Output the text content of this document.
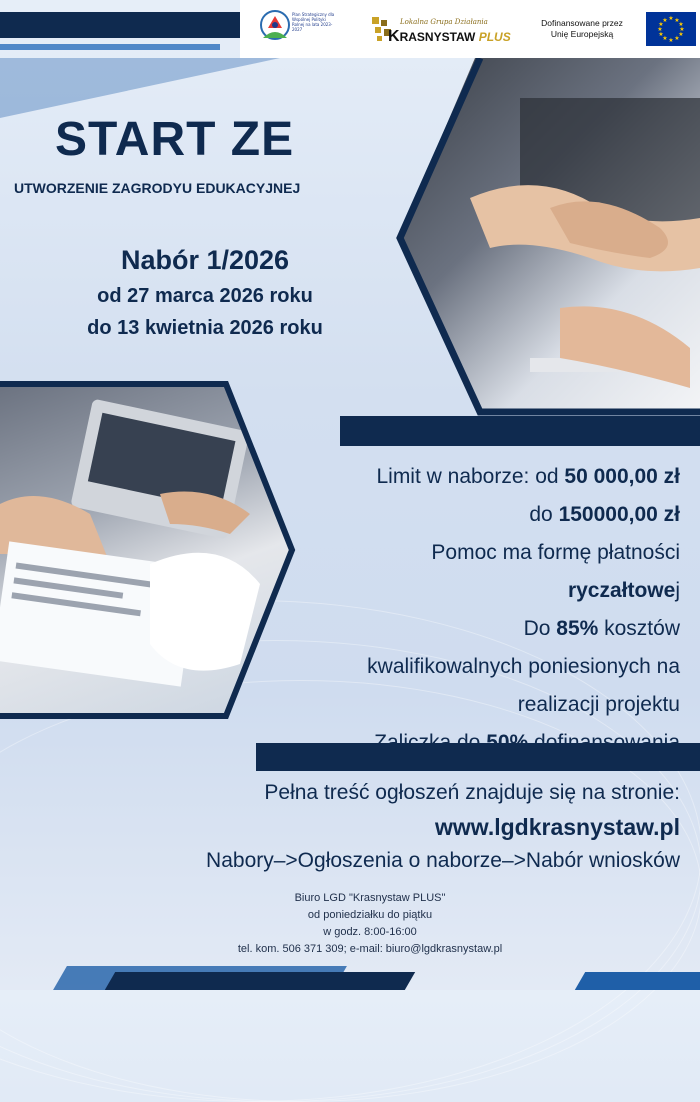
Plan Strategiczny dla Wspólnej Polityki Rolnej na lata 2023-2027
Lokalna Grupa Działania
KRASNYSTAW PLUS
Dofinansowane przez
Unię Europejską
★ ★
★
★
★
★
★
★
★
★
★
★
START ZE
UTWORZENIE ZAGRODYU EDUKACYJNEJ
Nabór 1/2026
od 27 marca 2026 roku
do 13 kwietnia 2026 roku
Limit w naborze: od 50 000,00 zł
do 150000,00 zł
Pomoc ma formę płatności
ryczałtowej
Do 85% kosztów
kwalifikowalnych poniesionych na
realizacji projektu
Pełna treść ogłoszeń znajduje się na stronie:
www.lgdkrasnystaw.pl
Nabory–>Ogłoszenia o naborze–>Nabór wniosków
Biuro LGD "Krasnystaw PLUS"
od poniedziałku do piątku
w godz. 8:00-16:00
tel. kom. 506 371 309; e-mail: biuro@lgdkrasnystaw.pl
